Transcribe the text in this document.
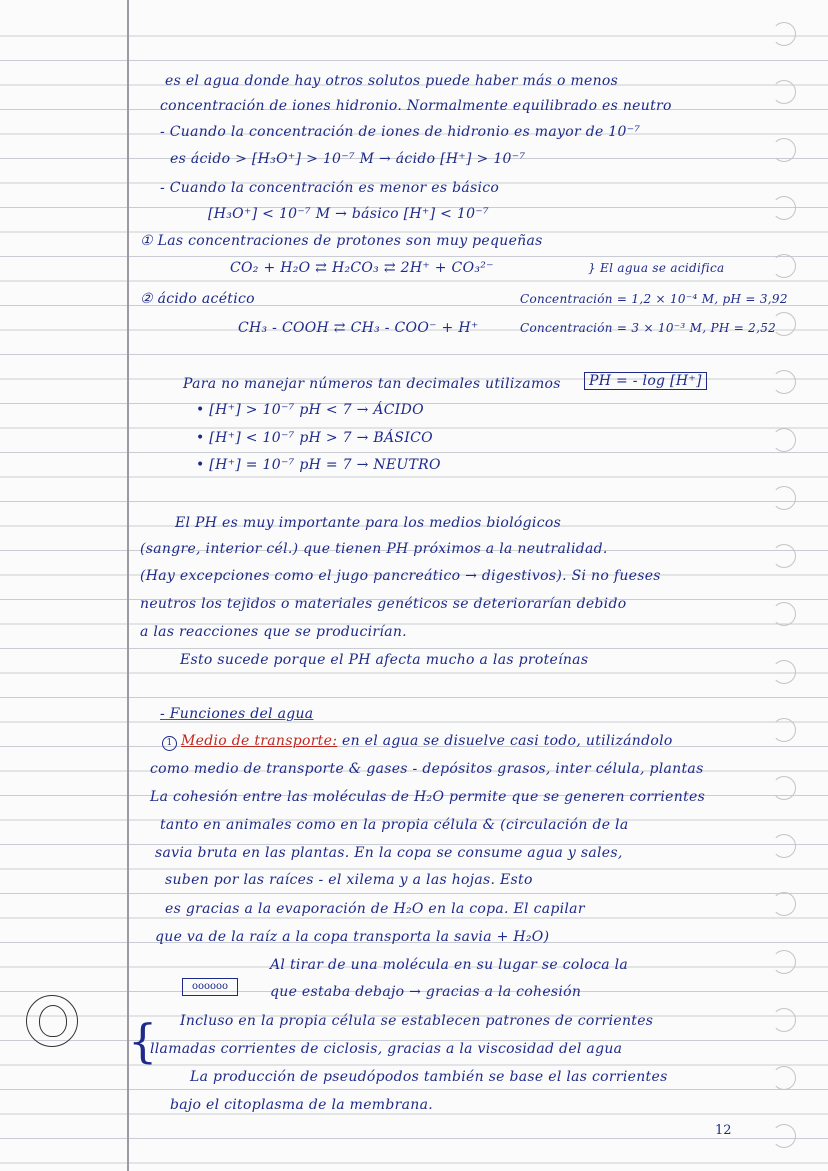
es el agua donde hay otros solutos puede haber más o menos
concentración de iones hidronio. Normalmente equilibrado es neutro
- Cuando la concentración de iones de hidronio es mayor de 10⁻⁷
es ácido > [H₃O⁺] > 10⁻⁷ M → ácido [H⁺] > 10⁻⁷
- Cuando la concentración es menor es básico
[H₃O⁺] < 10⁻⁷ M → básico [H⁺] < 10⁻⁷
① Las concentraciones de protones son muy pequeñas
CO₂ + H₂O ⇄ H₂CO₃ ⇄ 2H⁺ + CO₃²⁻	} El agua se acidifica
② ácido acético	Concentración = 1,2 × 10⁻⁴ M, pH = 3,92
CH₃ - COOH ⇄ CH₃ - COO⁻ + H⁺	Concentración = 3 × 10⁻³ M, PH = 2,52
Para no manejar números tan decimales utilizamos	PH = - log [H⁺]
• [H⁺] > 10⁻⁷ pH < 7 → ÁCIDO
• [H⁺] < 10⁻⁷ pH > 7 → BÁSICO
• [H⁺] = 10⁻⁷ pH = 7 → NEUTRO
El PH es muy importante para los medios biológicos
(sangre, interior cél.) que tienen PH próximos a la neutralidad.
(Hay excepciones como el jugo pancreático → digestivos). Si no fueses
neutros los tejidos o materiales genéticos se deteriorarían debido
a las reacciones que se producirían.
Esto sucede porque el PH afecta mucho a las proteínas
- Funciones del agua
1 Medio de transporte: en el agua se disuelve casi todo, utilizándolo
como medio de transporte & gases - depósitos grasos, inter célula, plantas
La cohesión entre las moléculas de H₂O permite que se generen corrientes
tanto en animales como en la propia célula & (circulación de la
savia bruta en las plantas. En la copa se consume agua y sales,
suben por las raíces - el xilema y a las hojas. Esto
es gracias a la evaporación de H₂O en la copa. El capilar
que va de la raíz a la copa transporta la savia + H₂O)
Al tirar de una molécula en su lugar se coloca la
oooooo	que estaba debajo → gracias a la cohesión
Incluso en la propia célula se establecen patrones de corrientes
llamadas corrientes de ciclosis, gracias a la viscosidad del agua
La producción de pseudópodos también se base el las corrientes
bajo el citoplasma de la membrana.
{
12
